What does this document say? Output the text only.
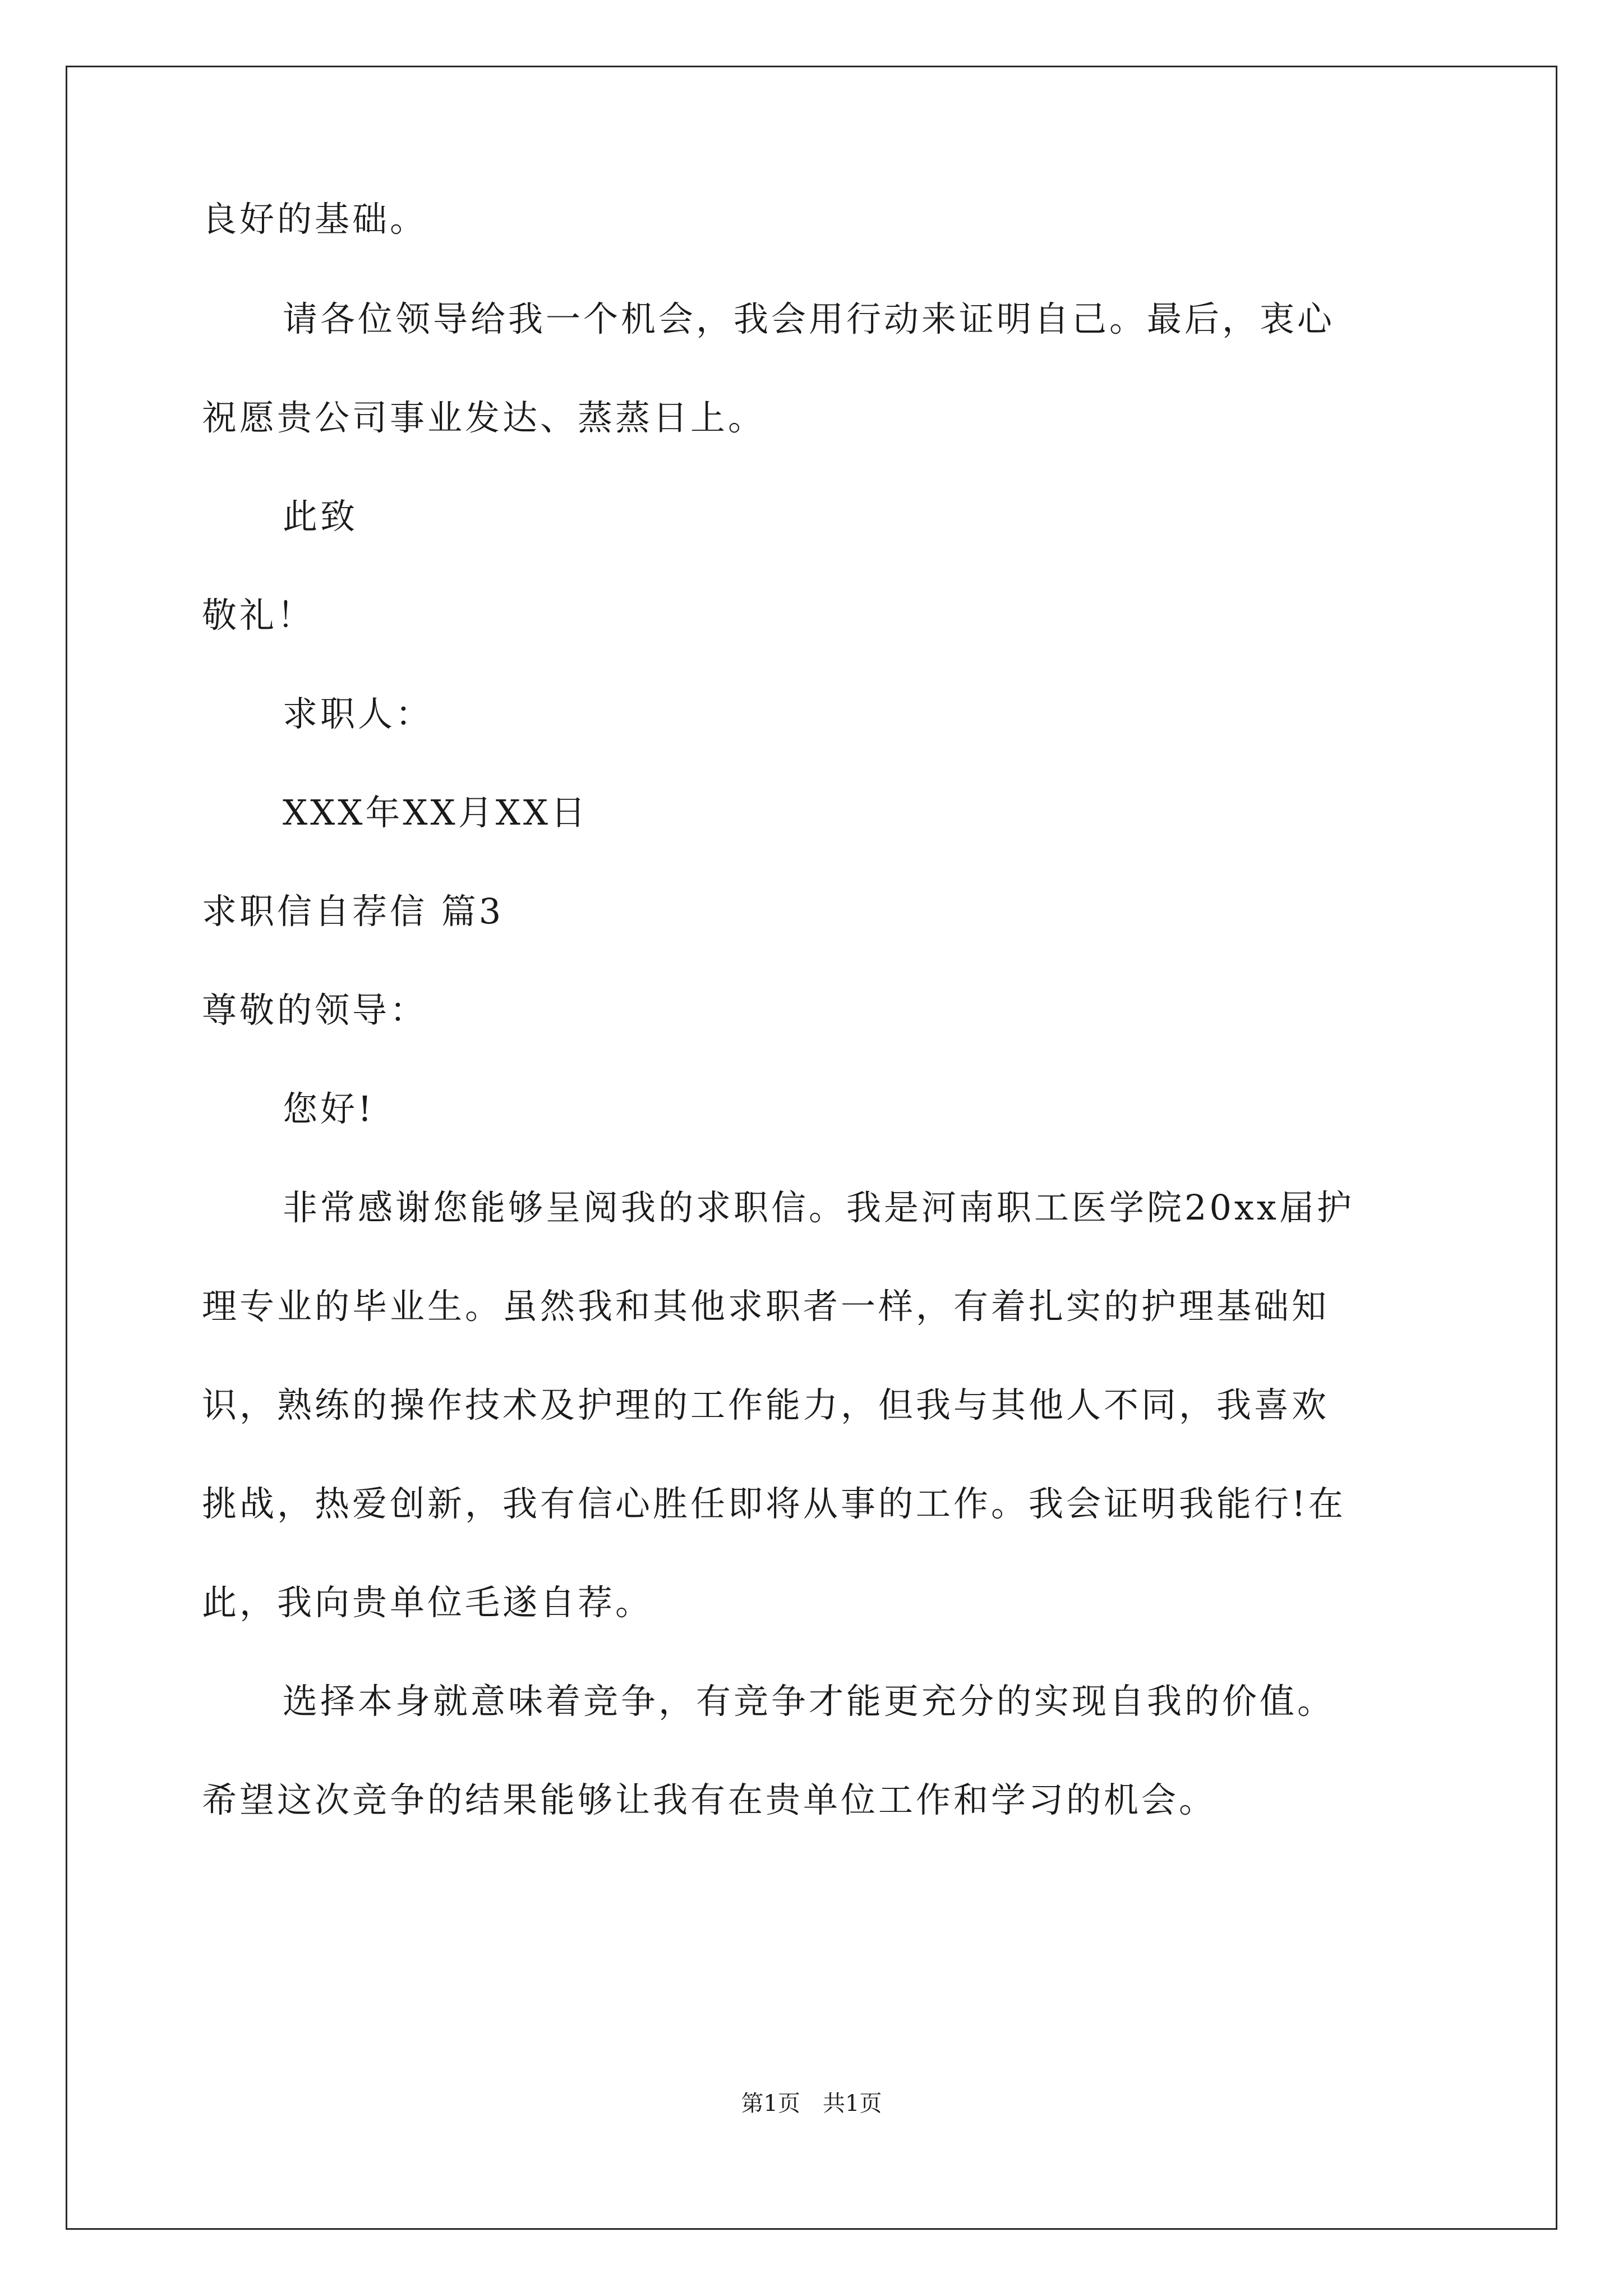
良好的基础。
请各位领导给我一个机会，我会用行动来证明自己。最后，衷心
祝愿贵公司事业发达、蒸蒸日上。
此致
敬礼！
求职人：
XXX年XX月XX日
求职信自荐信 篇3
尊敬的领导：
您好!
非常感谢您能够呈阅我的求职信。我是河南职工医学院20xx届护
理专业的毕业生。虽然我和其他求职者一样，有着扎实的护理基础知
识，熟练的操作技术及护理的工作能力，但我与其他人不同，我喜欢
挑战，热爱创新，我有信心胜任即将从事的工作。我会证明我能行!在
此，我向贵单位毛遂自荐。
选择本身就意味着竞争，有竞争才能更充分的实现自我的价值。
希望这次竞争的结果能够让我有在贵单位工作和学习的机会。
第1页　共1页
